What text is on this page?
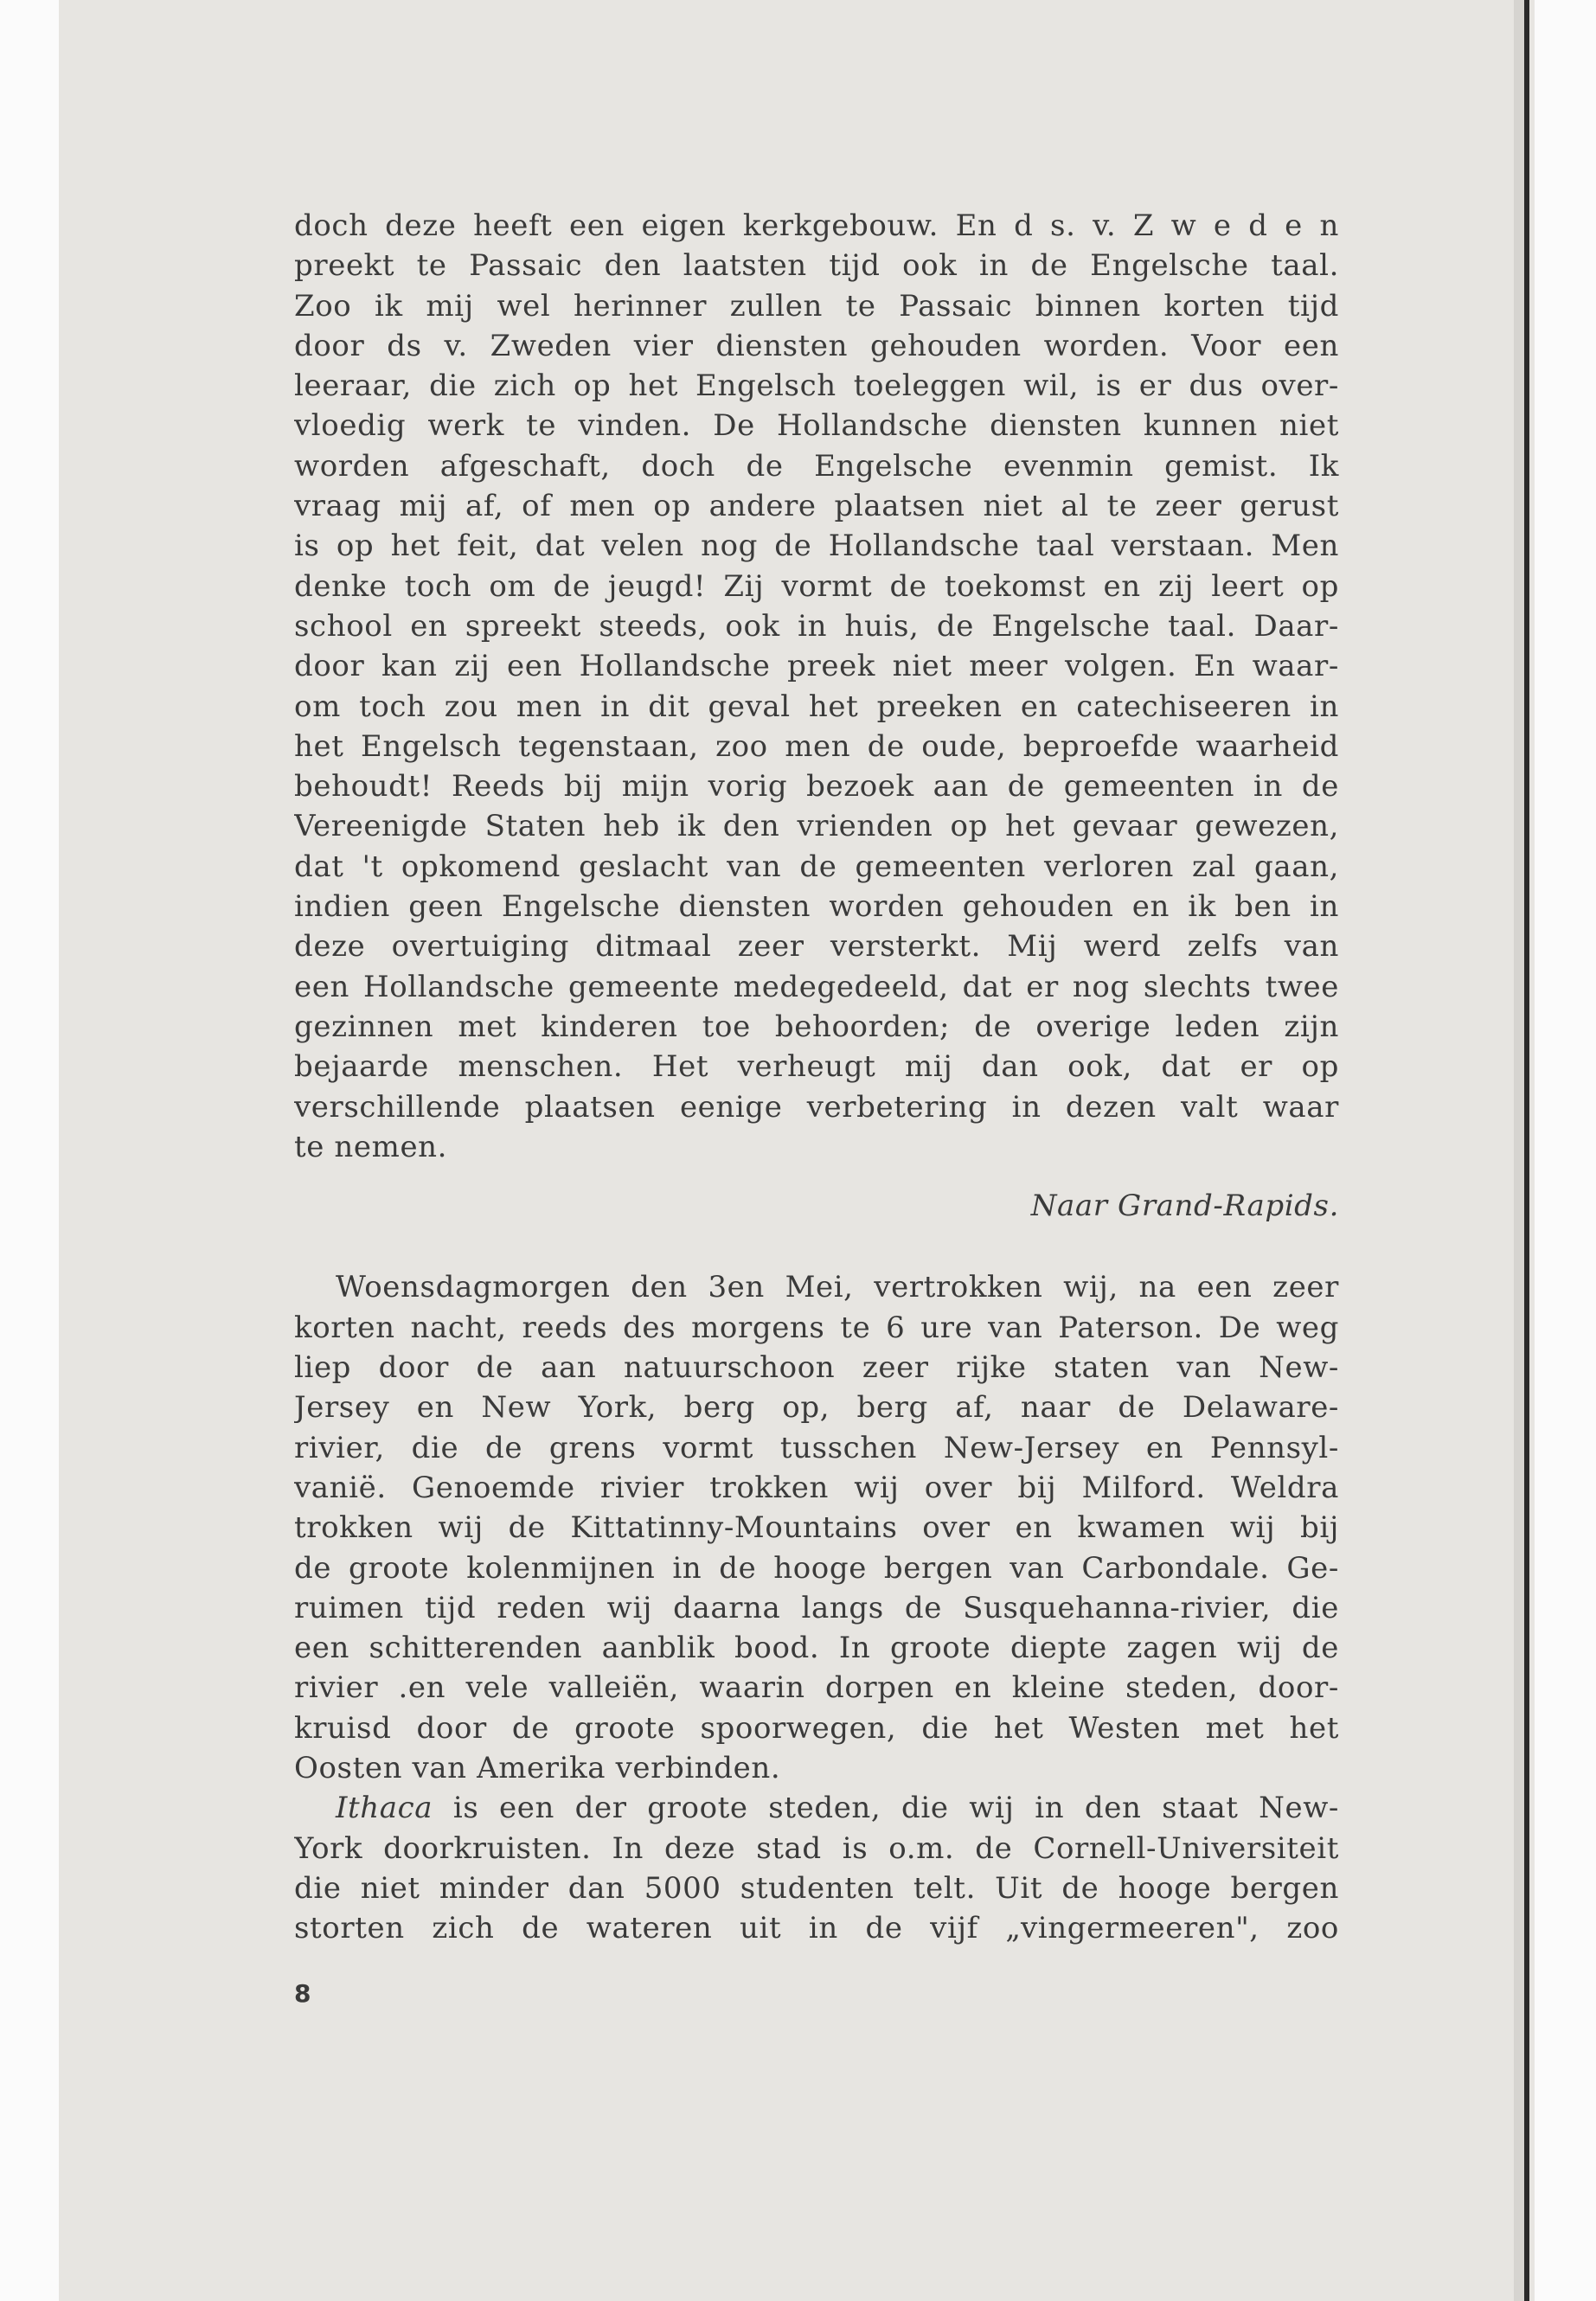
doch deze heeft een eigen kerkgebouw. En d s. v. Z w e d e n
preekt te Passaic den laatsten tijd ook in de Engelsche taal.
Zoo ik mij wel herinner zullen te Passaic binnen korten tijd
door ds v. Zweden vier diensten gehouden worden. Voor een
leeraar, die zich op het Engelsch toeleggen wil, is er dus over-
vloedig werk te vinden. De Hollandsche diensten kunnen niet
worden afgeschaft, doch de Engelsche evenmin gemist. Ik
vraag mij af, of men op andere plaatsen niet al te zeer gerust
is op het feit, dat velen nog de Hollandsche taal verstaan. Men
denke toch om de jeugd! Zij vormt de toekomst en zij leert op
school en spreekt steeds, ook in huis, de Engelsche taal. Daar-
door kan zij een Hollandsche preek niet meer volgen. En waar-
om toch zou men in dit geval het preeken en catechiseeren in
het Engelsch tegenstaan, zoo men de oude, beproefde waarheid
behoudt! Reeds bij mijn vorig bezoek aan de gemeenten in de
Vereenigde Staten heb ik den vrienden op het gevaar gewezen,
dat 't opkomend geslacht van de gemeenten verloren zal gaan,
indien geen Engelsche diensten worden gehouden en ik ben in
deze overtuiging ditmaal zeer versterkt. Mij werd zelfs van
een Hollandsche gemeente medegedeeld, dat er nog slechts twee
gezinnen met kinderen toe behoorden; de overige leden zijn
bejaarde menschen. Het verheugt mij dan ook, dat er op
verschillende plaatsen eenige verbetering in dezen valt waar
te nemen.
Naar Grand-Rapids.
Woensdagmorgen den 3en Mei, vertrokken wij, na een zeer
korten nacht, reeds des morgens te 6 ure van Paterson. De weg
liep door de aan natuurschoon zeer rijke staten van New-
Jersey en New York, berg op, berg af, naar de Delaware-
rivier, die de grens vormt tusschen New-Jersey en Pennsyl-
vanië. Genoemde rivier trokken wij over bij Milford. Weldra
trokken wij de Kittatinny-Mountains over en kwamen wij bij
de groote kolenmijnen in de hooge bergen van Carbondale. Ge-
ruimen tijd reden wij daarna langs de Susquehanna-rivier, die
een schitterenden aanblik bood. In groote diepte zagen wij de
rivier .en vele valleiën, waarin dorpen en kleine steden, door-
kruisd door de groote spoorwegen, die het Westen met het
Oosten van Amerika verbinden.
Ithaca is een der groote steden, die wij in den staat New-
York doorkruisten. In deze stad is o.m. de Cornell-Universiteit
die niet minder dan 5000 studenten telt. Uit de hooge bergen
storten zich de wateren uit in de vijf „vingermeeren", zoo
8
